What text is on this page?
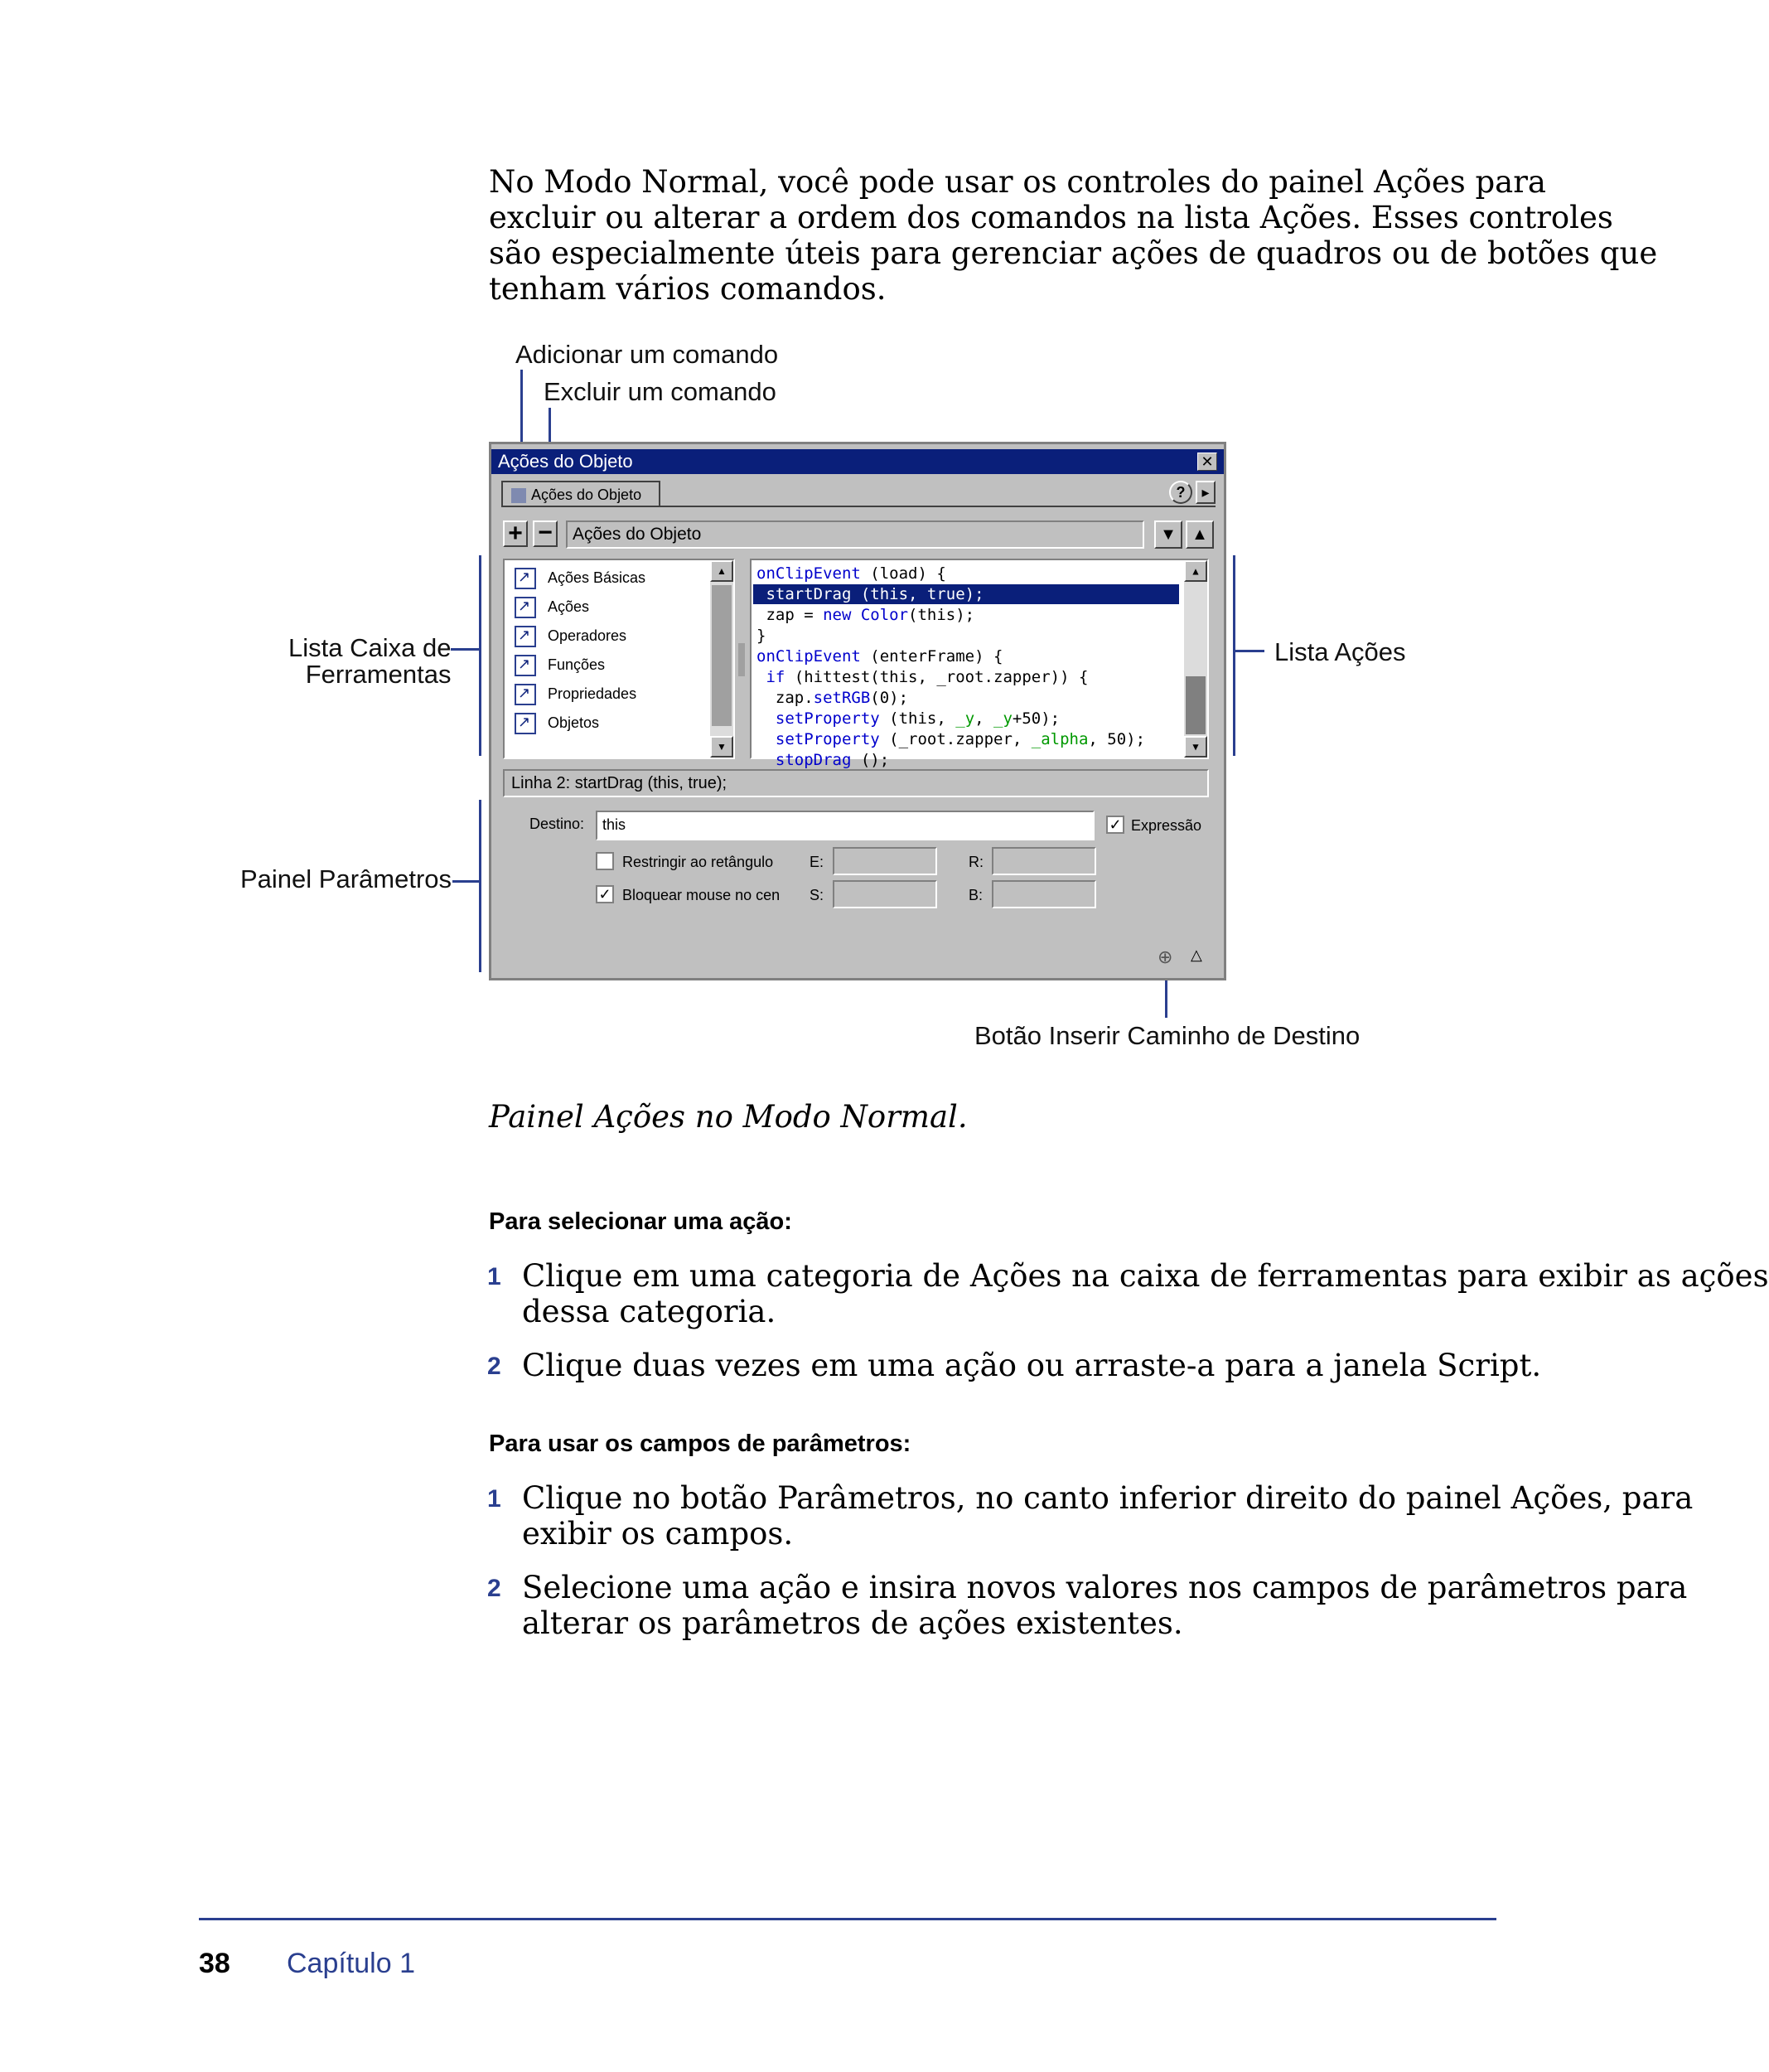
No Modo Normal, você pode usar os controles do painel Ações para
excluir ou alterar a ordem dos comandos na lista Ações. Esses controles
são especialmente úteis para gerenciar ações de quadros ou de botões que
tenham vários comandos.

Adicionar um comando
Excluir um comando
Lista Caixa de
Ferramentas
Painel Parâmetros
Lista Ações
Botão Inserir Caminho de Destino
Ações do Objeto	✕
Ações do Objeto	?	▸
+ −	Ações do Objeto	▼ ▲
↗Ações Básicas
↗Ações
↗Operadores
↗Funções
↗Propriedades
↗Objetos
▲
▼
onClipEvent (load) {
startDrag (this, true);
zap = new Color(this);
}
onClipEvent (enterFrame) {
if (hittest(this, _root.zapper)) {
zap.setRGB(0);
setProperty (this, _y, _y+50);
setProperty (_root.zapper, _alpha, 50);
stopDrag ();
▲
▼
Linha 2: startDrag (this, true);
Destino:	this	✓ Expressão
Restringir ao retângulo E:	R:
✓ Bloquear mouse no cen S:	B:
⊕ △
Painel Ações no Modo Normal.
Para selecionar uma ação:
1 Clique em uma categoria de Ações na caixa de ferramentas para exibir as ações
dessa categoria.
2 Clique duas vezes em uma ação ou arraste-a para a janela Script.
Para usar os campos de parâmetros:
1 Clique no botão Parâmetros, no canto inferior direito do painel Ações, para
exibir os campos.
2 Selecione uma ação e insira novos valores nos campos de parâmetros para
alterar os parâmetros de ações existentes.
38 Capítulo 1
